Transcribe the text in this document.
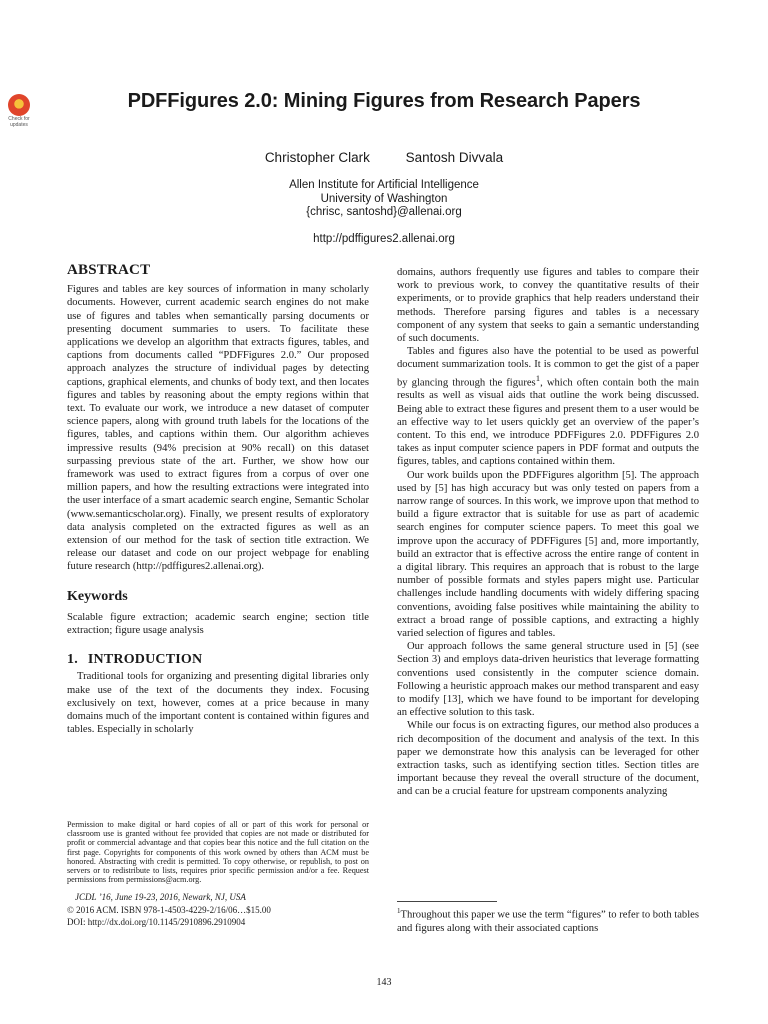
Check for updates
PDFFigures 2.0: Mining Figures from Research Papers
Christopher Clark	Santosh Divvala
Allen Institute for Artificial Intelligence
University of Washington
{chrisc, santoshd}@allenai.org
http://pdffigures2.allenai.org
ABSTRACT

Figures and tables are key sources of information in many scholarly documents. However, current academic search engines do not make use of figures and tables when semantically parsing documents or presenting document summaries to users. To facilitate these applications we develop an algorithm that extracts figures, tables, and captions from documents called “PDFFigures 2.0.” Our proposed approach analyzes the structure of individual pages by detecting captions, graphical elements, and chunks of body text, and then locates figures and tables by reasoning about the empty regions within that text. To evaluate our work, we introduce a new dataset of computer science papers, along with ground truth labels for the locations of the figures, tables, and captions within them. Our algorithm achieves impressive results (94% precision at 90% recall) on this dataset surpassing previous state of the art. Further, we show how our framework was used to extract figures from a corpus of over one million papers, and how the resulting extractions were integrated into the user interface of a smart academic search engine, Semantic Scholar (www.semanticscholar.org). Finally, we present results of exploratory data analysis completed on the extracted figures as well as an extension of our method for the task of section title extraction. We release our dataset and code on our project webpage for enabling future research (http://pdffigures2.allenai.org).

Keywords

Scalable figure extraction; academic search engine; section title extraction; figure usage analysis

1. INTRODUCTION

Traditional tools for organizing and presenting digital libraries only make use of the text of the documents they index. Focusing exclusively on text, however, comes at a price because in many domains much of the important content is contained within figures and tables. Especially in scholarly

Permission to make digital or hard copies of all or part of this work for personal or classroom use is granted without fee provided that copies are not made or distributed for profit or commercial advantage and that copies bear this notice and the full citation on the first page. Copyrights for components of this work owned by others than ACM must be honored. Abstracting with credit is permitted. To copy otherwise, or republish, to post on servers or to redistribute to lists, requires prior specific permission and/or a fee. Request permissions from permissions@acm.org.
JCDL ’16, June 19-23, 2016, Newark, NJ, USA
© 2016 ACM. ISBN 978-1-4503-4229-2/16/06…$15.00
DOI: http://dx.doi.org/10.1145/2910896.2910904

domains, authors frequently use figures and tables to compare their work to previous work, to convey the quantitative results of their experiments, or to provide graphics that help readers understand their methods. Therefore parsing figures and tables is a necessary component of any system that seeks to gain a semantic understanding of such documents.

Tables and figures also have the potential to be used as powerful document summarization tools. It is common to get the gist of a paper by glancing through the figures$^1$, which often contain both the main results as well as visual aids that outline the work being discussed. Being able to extract these figures and present them to a user would be an effective way to let users quickly get an overview of the paper’s content. To this end, we introduce PDFFigures 2.0. PDFFigures 2.0 takes as input computer science papers in PDF format and outputs the figures, tables, and captions contained within them.

Our work builds upon the PDFFigures algorithm [5]. The approach used by [5] has high accuracy but was only tested on papers from a narrow range of sources. In this work, we improve upon that method to build a figure extractor that is suitable for use as part of academic search engines for computer science papers. To meet this goal we improve upon the accuracy of PDFFigures [5] and, more importantly, build an extractor that is effective across the entire range of content in a digital library. This requires an approach that is robust to the large number of possible formats and styles papers might use. Particular challenges include handling documents with widely differing spacing conventions, avoiding false positives while maintaining the ability to extract a broad range of possible captions, and extracting a highly varied selection of figures and tables.

Our approach follows the same general structure used in [5] (see Section 3) and employs data-driven heuristics that leverage formatting conventions used consistently in the computer science domain. Following a heuristic approach makes our method transparent and easy to modify [13], which we have found to be important for developing an effective solution to this task.

While our focus is on extracting figures, our method also produces a rich decomposition of the document and analysis of the text. In this paper we demonstrate how this analysis can be leveraged for other extraction tasks, such as identifying section titles. Section titles are important because they reveal the overall structure of the document, and can be a crucial feature for upstream components analyzing

$^1$Throughout this paper we use the term “figures” to refer to both tables and figures along with their associated captions
143
